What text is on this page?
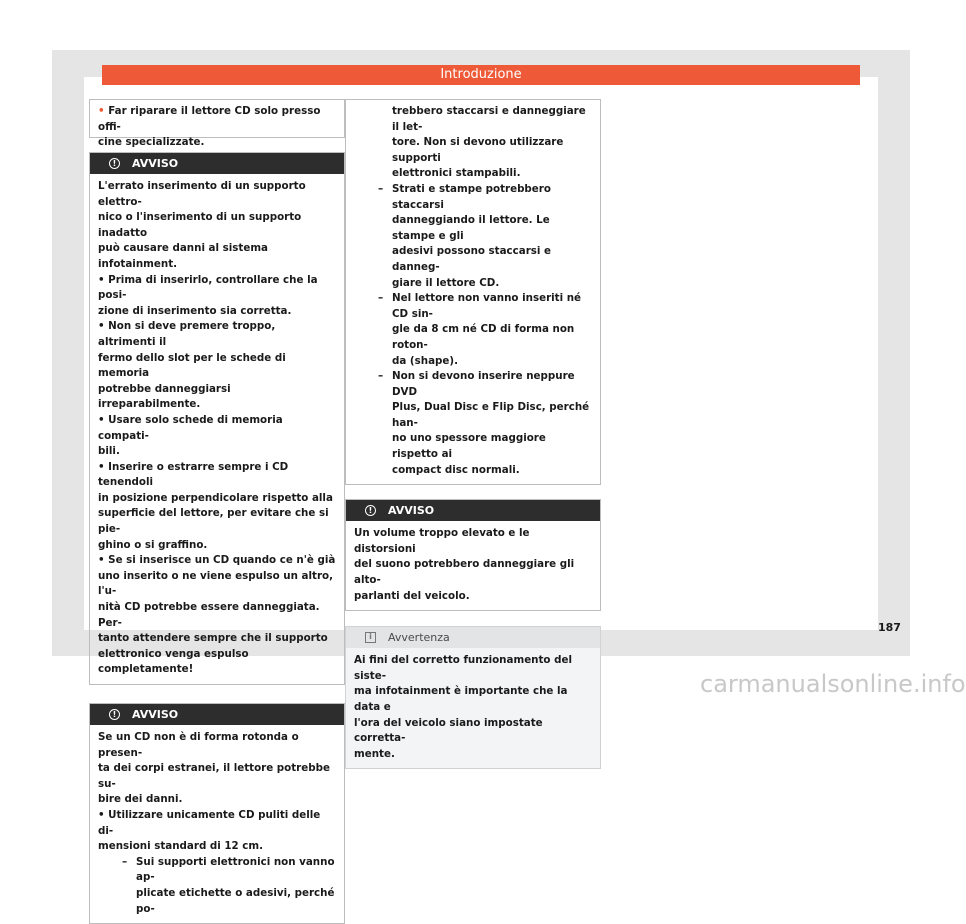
Introduzione
• Far riparare il lettore CD solo presso offi-
cine specializzate.
!	AVVISO
L'errato inserimento di un supporto elettro-
nico o l'inserimento di un supporto inadatto
può causare danni al sistema infotainment.
• Prima di inserirlo, controllare che la posi-
zione di inserimento sia corretta.
• Non si deve premere troppo, altrimenti il
fermo dello slot per le schede di memoria
potrebbe danneggiarsi irreparabilmente.
• Usare solo schede di memoria compati-
bili.
• Inserire o estrarre sempre i CD tenendoli
in posizione perpendicolare rispetto alla
superficie del lettore, per evitare che si pie-
ghino o si graffino.
• Se si inserisce un CD quando ce n'è già
uno inserito o ne viene espulso un altro, l'u-
nità CD potrebbe essere danneggiata. Per-
tanto attendere sempre che il supporto
elettronico venga espulso completamente!
!	AVVISO
Se un CD non è di forma rotonda o presen-
ta dei corpi estranei, il lettore potrebbe su-
bire dei danni.
• Utilizzare unicamente CD puliti delle di-
mensioni standard di 12 cm.
– Sui supporti elettronici non vanno ap-
plicate etichette o adesivi, perché po-
trebbero staccarsi e danneggiare il let-
tore. Non si devono utilizzare supporti
elettronici stampabili.
– Strati e stampe potrebbero staccarsi
danneggiando il lettore. Le stampe e gli
adesivi possono staccarsi e danneg-
giare il lettore CD.
– Nel lettore non vanno inseriti né CD sin-
gle da 8 cm né CD di forma non roton-
da (shape).
– Non si devono inserire neppure DVD
Plus, Dual Disc e Flip Disc, perché han-
no uno spessore maggiore rispetto ai
compact disc normali.
!	AVVISO
Un volume troppo elevato e le distorsioni
del suono potrebbero danneggiare gli alto-
parlanti del veicolo.
i	Avvertenza
Ai fini del corretto funzionamento del siste-
ma infotainment è importante che la data e
l'ora del veicolo siano impostate corretta-
mente.
187
carmanualsonline.info
